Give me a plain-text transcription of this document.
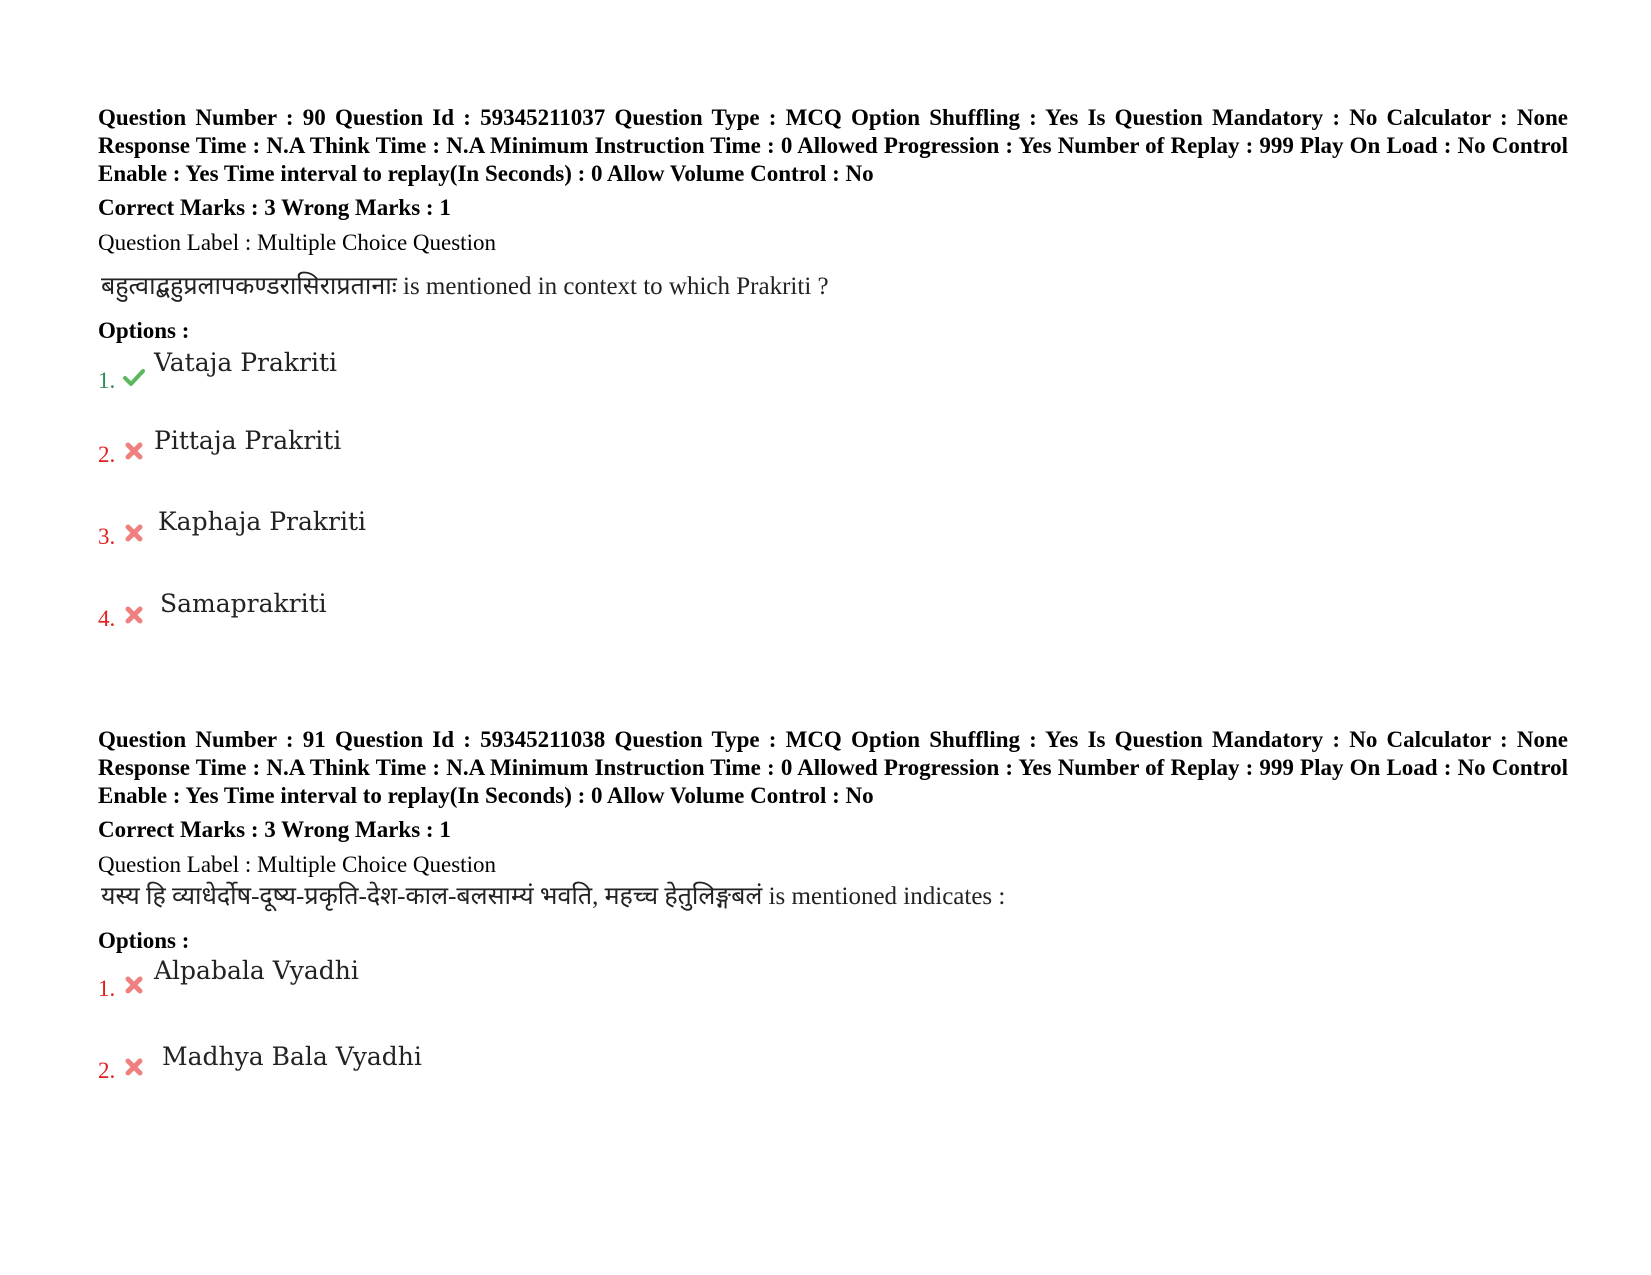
Question Number : 90 Question Id : 59345211037 Question Type : MCQ Option Shuffling : Yes Is Question Mandatory : No Calculator : None Response Time : N.A Think Time : N.A Minimum Instruction Time : 0 Allowed Progression : Yes Number of Replay : 999 Play On Load : No Control Enable : Yes Time interval to replay(In Seconds) : 0 Allow Volume Control : No

Correct Marks : 3 Wrong Marks : 1

Question Label : Multiple Choice Question

बहुत्वाद्बहुप्रलापकण्डरासिराप्रतानाः is mentioned in context to which Prakriti ?

Options :

1.
Vataja Prakriti
2. Pittaja Prakriti
3.
Kaphaja Prakriti
4.
Samaprakriti

Question Number : 91 Question Id : 59345211038 Question Type : MCQ Option Shuffling : Yes Is Question Mandatory : No Calculator : None Response Time : N.A Think Time : N.A Minimum Instruction Time : 0 Allowed Progression : Yes Number of Replay : 999 Play On Load : No Control Enable : Yes Time interval to replay(In Seconds) : 0 Allow Volume Control : No

Correct Marks : 3 Wrong Marks : 1

Question Label : Multiple Choice Question

यस्य हि व्याधेर्दोष-दूष्य-प्रकृति-देश-काल-बलसाम्यं भवति, महच्च हेतुलिङ्गबलं is mentioned indicates :

Options :

1.
Alpabala Vyadhi
2. Madhya Bala Vyadhi
